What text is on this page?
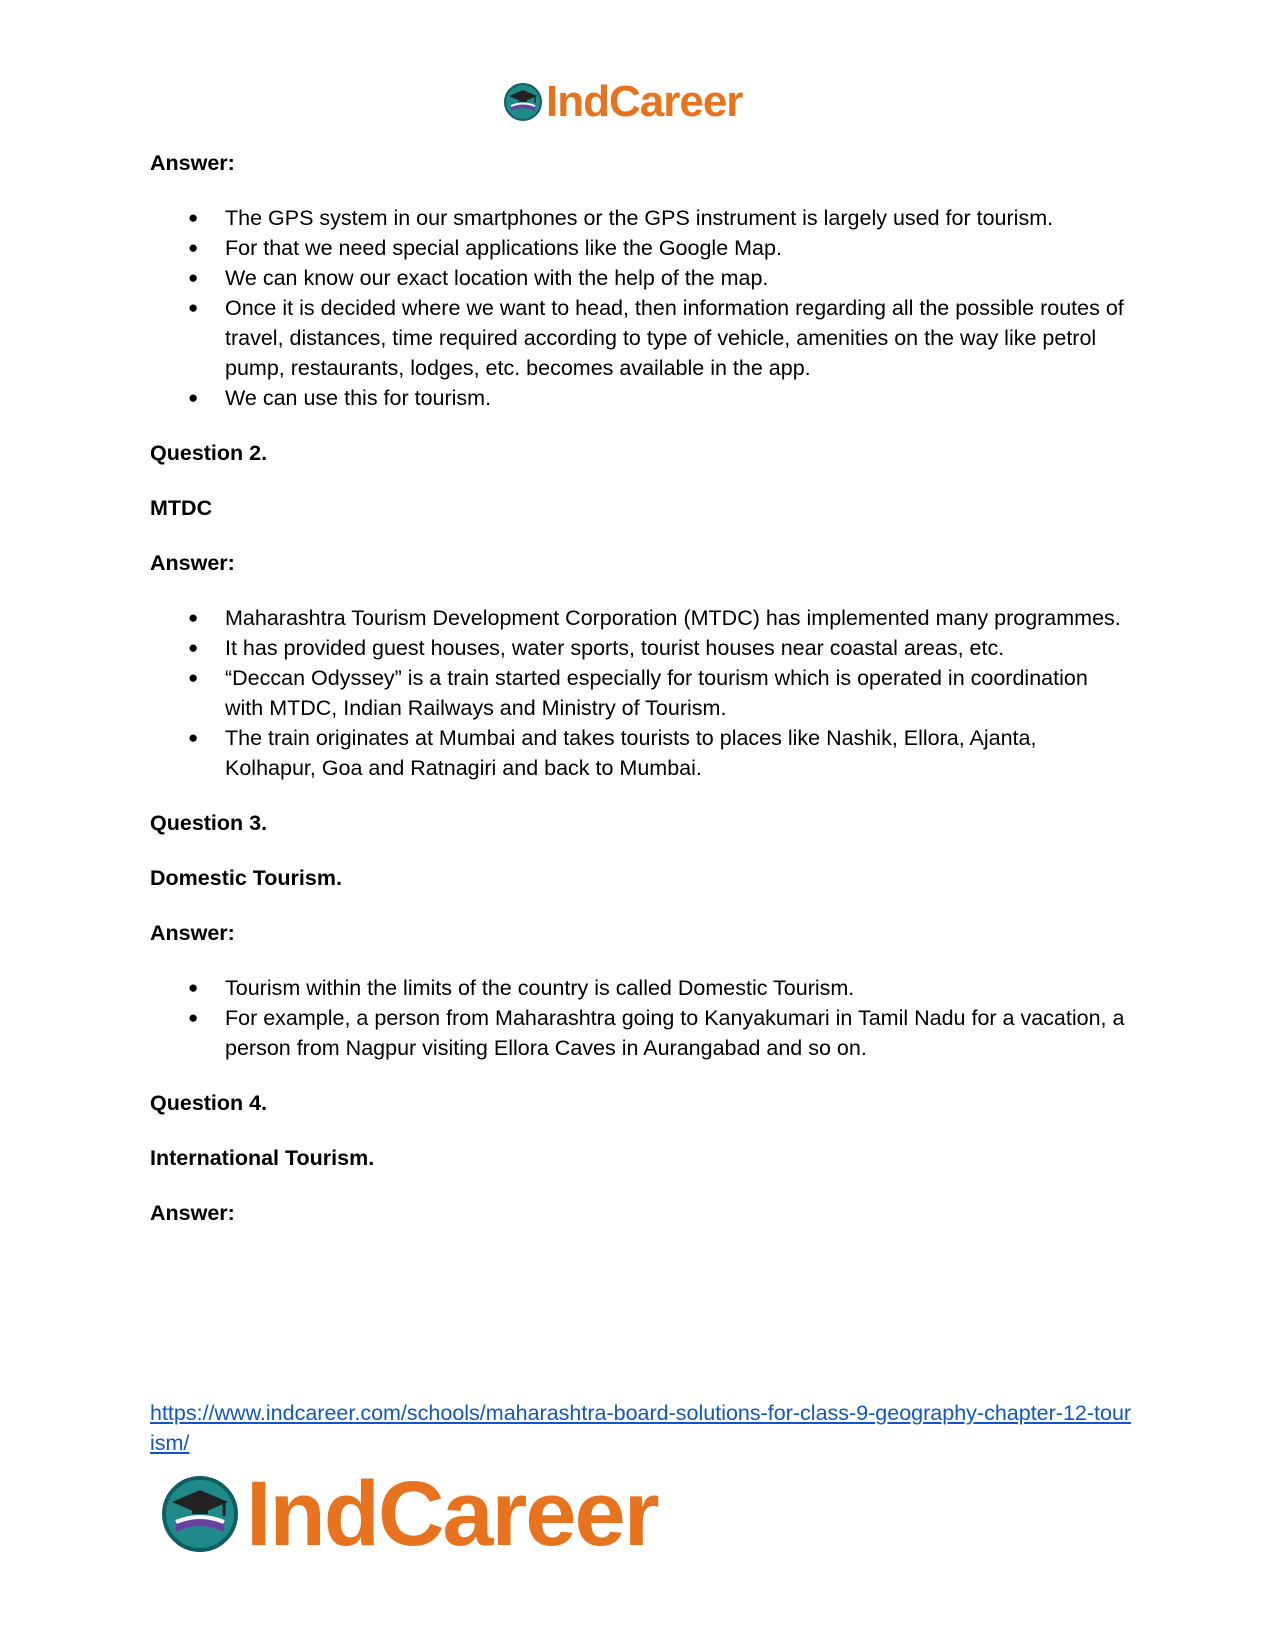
IndCareer
Answer:
● The GPS system in our smartphones or the GPS instrument is largely used for tourism.
● For that we need special applications like the Google Map.
● We can know our exact location with the help of the map.
● Once it is decided where we want to head, then information regarding all the possible routes of travel, distances, time required according to type of vehicle, amenities on the way like petrol pump, restaurants, lodges, etc. becomes available in the app.
● We can use this for tourism.
Question 2.
MTDC
Answer:
● Maharashtra Tourism Development Corporation (MTDC) has implemented many programmes.
● It has provided guest houses, water sports, tourist houses near coastal areas, etc.
● “Deccan Odyssey” is a train started especially for tourism which is operated in coordination with MTDC, Indian Railways and Ministry of Tourism.
● The train originates at Mumbai and takes tourists to places like Nashik, Ellora, Ajanta, Kolhapur, Goa and Ratnagiri and back to Mumbai.
Question 3.
Domestic Tourism.
Answer:
● Tourism within the limits of the country is called Domestic Tourism.
● For example, a person from Maharashtra going to Kanyakumari in Tamil Nadu for a vacation, a person from Nagpur visiting Ellora Caves in Aurangabad and so on.
Question 4.
International Tourism.
Answer:
https://www.indcareer.com/schools/maharashtra-board-solutions-for-class-9-geography-chapter-12-tourism/
IndCareer
